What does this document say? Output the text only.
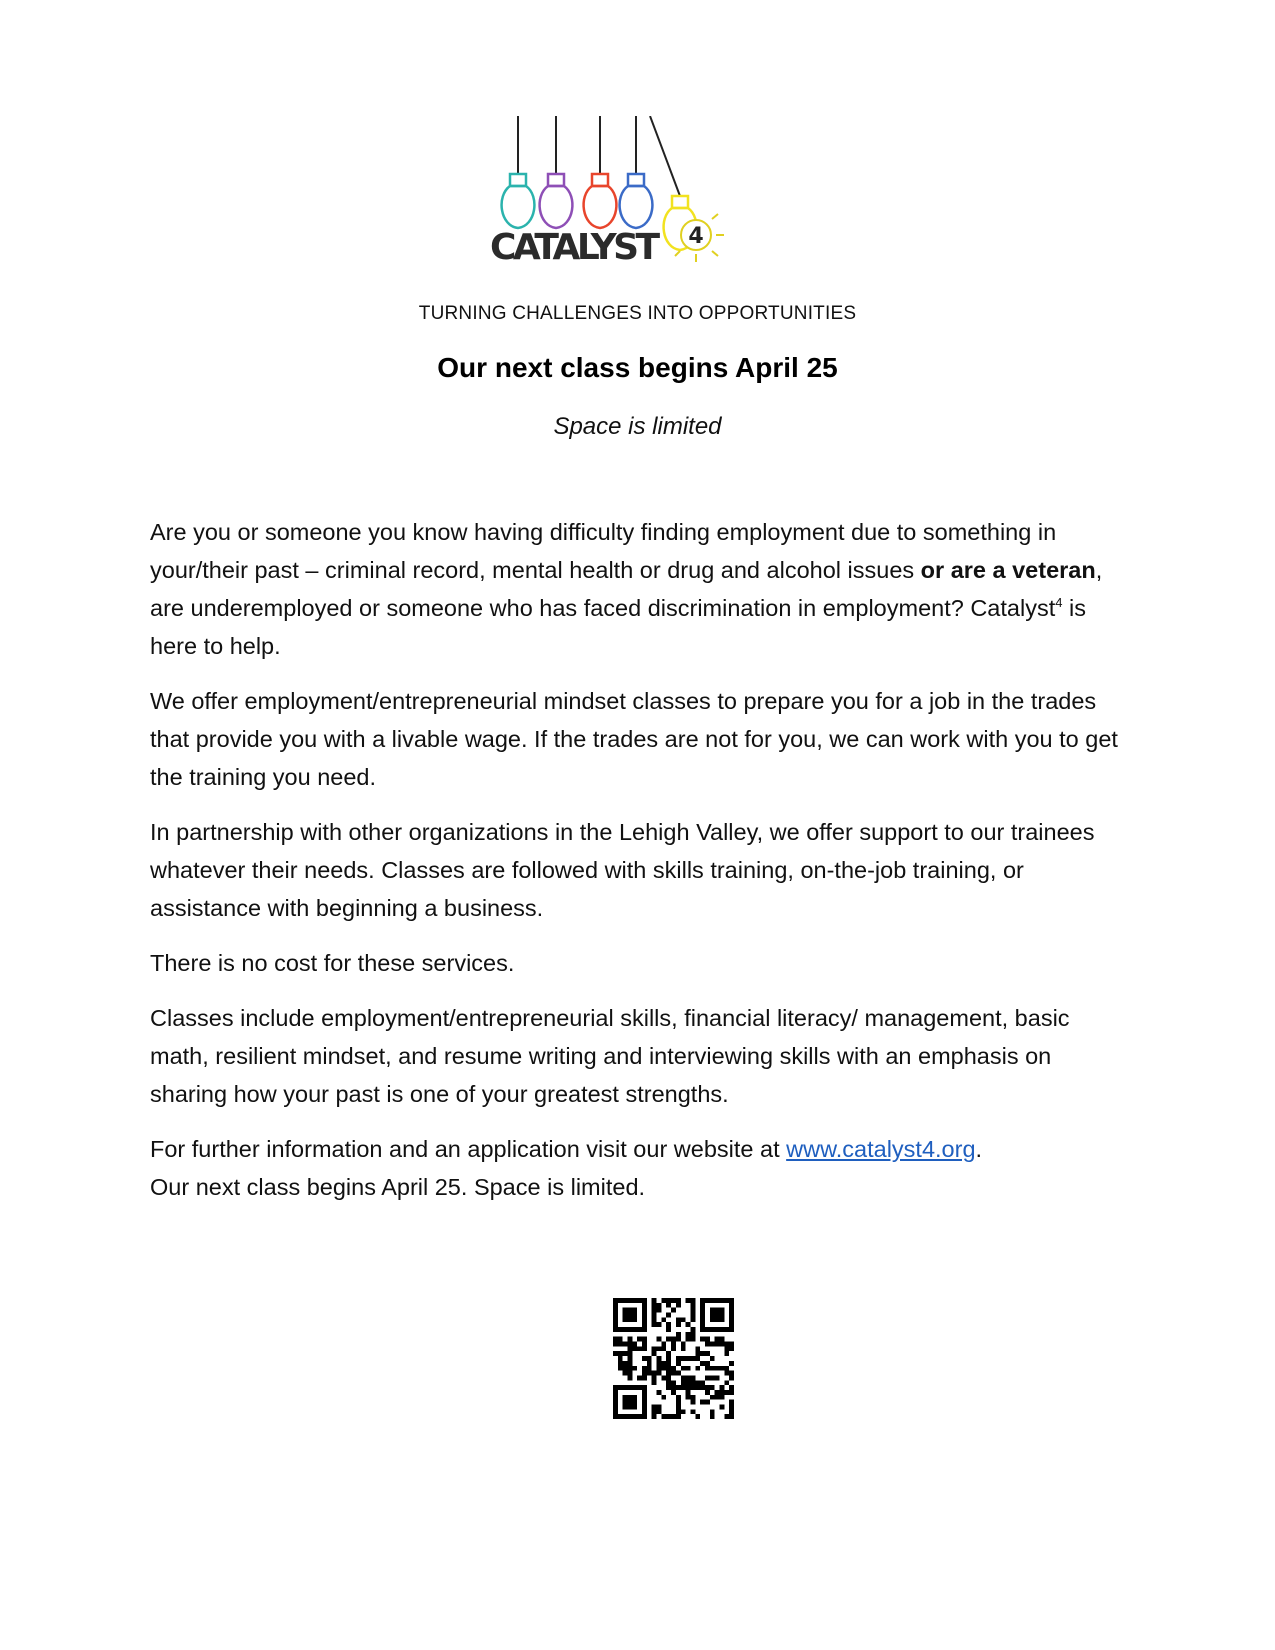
CATALYST 4
TURNING CHALLENGES INTO OPPORTUNITIES
Our next class begins April 25
Space is limited

Are you or someone you know having difficulty finding employment due to something in your/their past – criminal record, mental health or drug and alcohol issues or are a veteran, are underemployed or someone who has faced discrimination in employment? Catalyst$^4$ is here to help.

We offer employment/entrepreneurial mindset classes to prepare you for a job in the trades that provide you with a livable wage. If the trades are not for you, we can work with you to get the training you need.

In partnership with other organizations in the Lehigh Valley, we offer support to our trainees whatever their needs. Classes are followed with skills training, on-the-job training, or assistance with beginning a business.

There is no cost for these services.

Classes include employment/entrepreneurial skills, financial literacy/ management, basic math, resilient mindset, and resume writing and interviewing skills with an emphasis on sharing how your past is one of your greatest strengths.

For further information and an application visit our website at www.catalyst4.org.
Our next class begins April 25. Space is limited.
